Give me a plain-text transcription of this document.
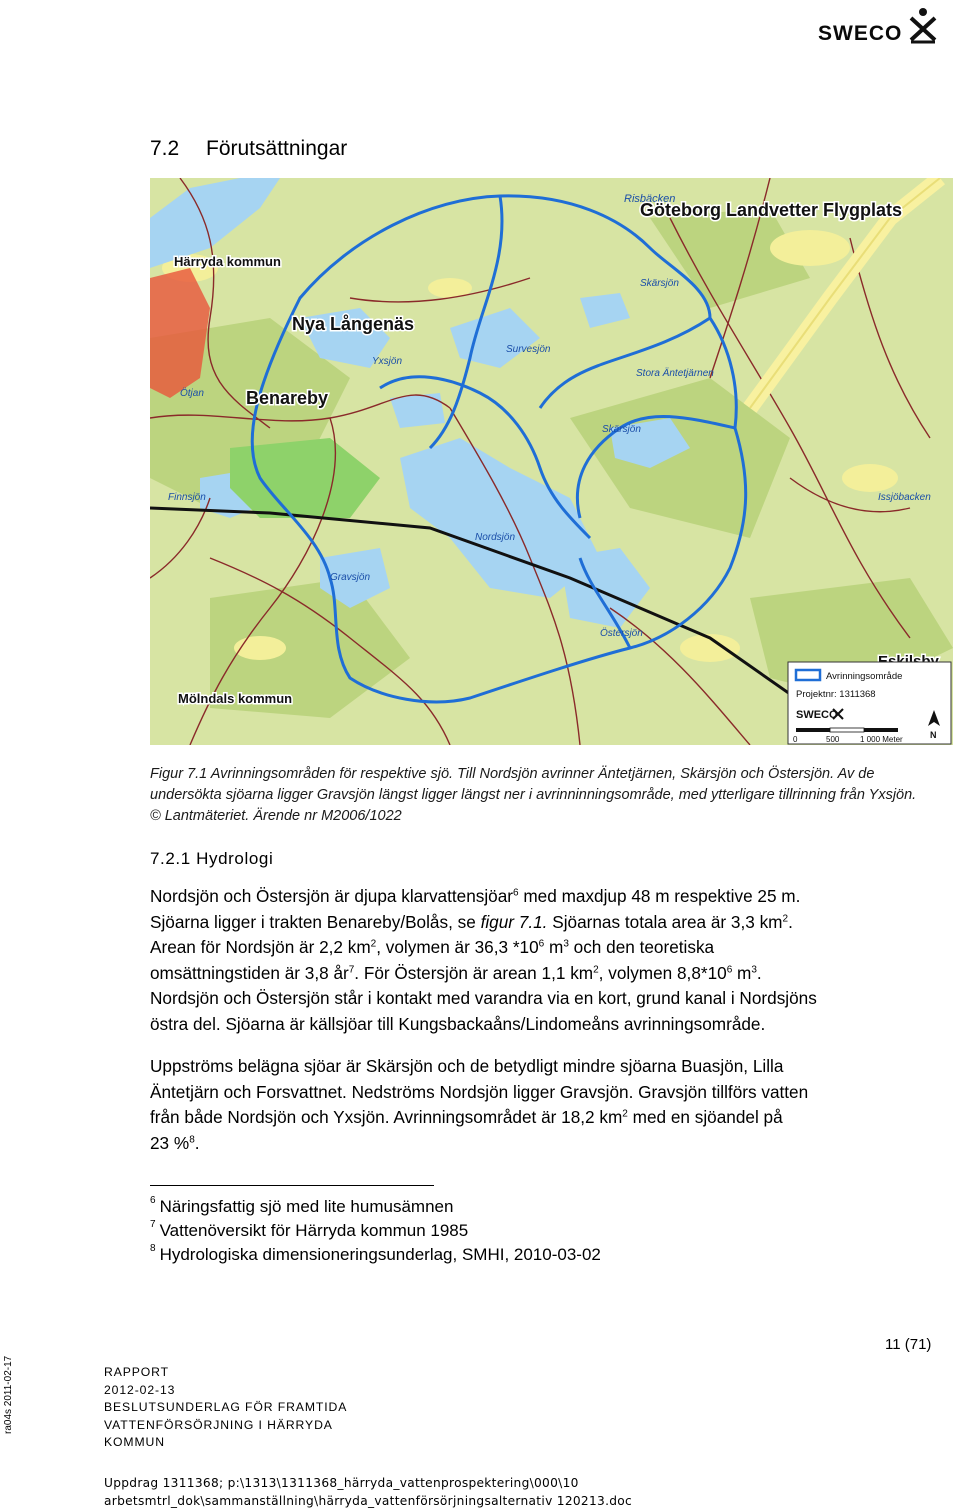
SWECO
7.2 Förutsättningar
Risbäcken
Göteborg Landvetter Flygplats
Härryda kommun
Skärsjön
Nya Långenäs
Yxsjön
Survesjön
Stora Äntetjärnen
Ötjan Benareby
Skärsjön
Finnsjön
Nordsjön
Issjöbacken
Gravsjön
Östersjön
Mölndals kommun
Avrinningsområde
Projektnr: 1311368
SWECO
0	500	1 000 Meter	N
Figur 7.1 Avrinningsområden för respektive sjö. Till Nordsjön avrinner Äntetjärnen, Skärsjön och Östersjön. Av de undersökta sjöarna ligger Gravsjön längst ligger längst ner i avrinninningsområde, med ytterligare tillrinning från Yxsjön. © Lantmäteriet. Ärende nr M2006/1022
7.2.1 Hydrologi
Nordsjön och Östersjön är djupa klarvattensjöar$^6$ med maxdjup 48 m respektive 25 m.
Sjöarna ligger i trakten Benareby/Bolås, se figur 7.1. Sjöarnas totala area är 3,3 $km^2$.
Arean för Nordsjön är 2,2 $km^2$, volymen är 36,3 $*10^6$ $m^3$ och den teoretiska
omsättningstiden är 3,8 $år^7$. För Östersjön är arean 1,1 $km^2$, volymen $8,8*10^6$ $m^3$.
Nordsjön och Östersjön står i kontakt med varandra via en kort, grund kanal i Nordsjöns
östra del. Sjöarna är källsjöar till Kungsbackaåns/Lindomeåns avrinningsområde.
Uppströms belägna sjöar är Skärsjön och de betydligt mindre sjöarna Buasjön, Lilla
Äntetjärn och Forsvattnet. Nedströms Nordsjön ligger Gravsjön. Gravsjön tillförs vatten
från både Nordsjön och Yxsjön. Avrinningsområdet är 18,2 $km^2$ med en sjöandel på
23 %$^8$.
$^6$ Näringsfattig sjö med lite humusämnen
$^7$ Vattenöversikt för Härryda kommun 1985
$^8$ Hydrologiska dimensioneringsunderlag, SMHI, 2010-03-02
11 (71)
ra04s 2011-02-17	RAPPORT
2012-02-13
BESLUTSUNDERLAG FÖR FRAMTIDA
VATTENFÖRSÖRJNING I HÄRRYDA
KOMMUN
Uppdrag 1311368; p:\1313\1311368_härryda_vattenprospektering\000\10
arbetsmtrl_dok\sammanställning\härryda_vattenförsörjningsalternativ 120213.doc
